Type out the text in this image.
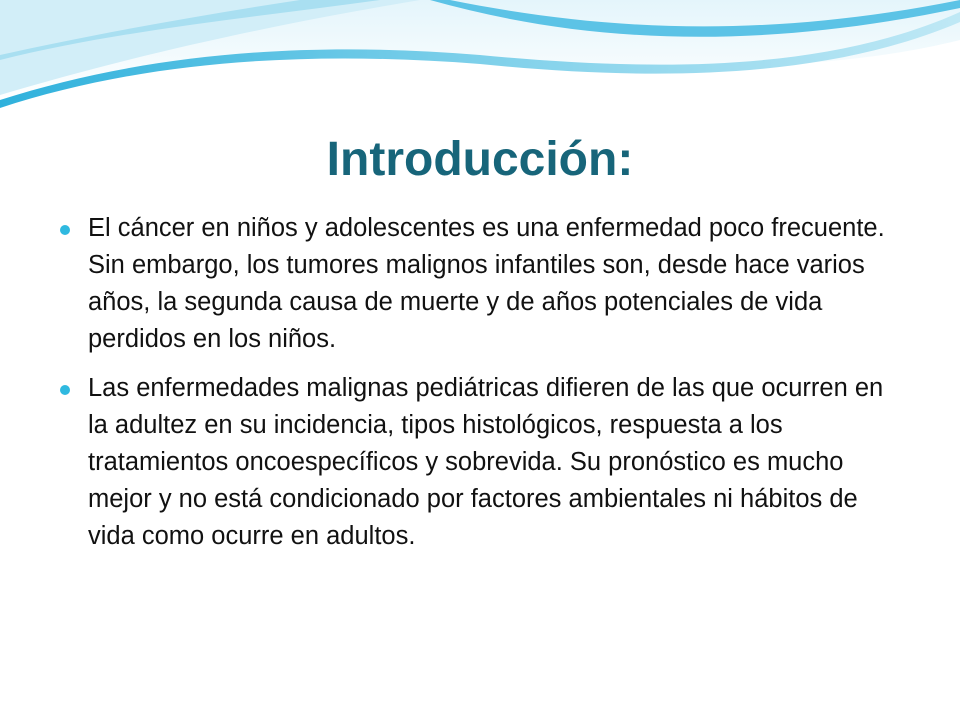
Introducción:
El cáncer en niños y adolescentes es una enfermedad poco frecuente. Sin embargo, los tumores malignos infantiles son, desde hace varios años, la segunda causa de muerte y de años potenciales de vida perdidos en los niños.
Las enfermedades malignas pediátricas difieren de las que ocurren en la adultez en su incidencia, tipos histológicos, respuesta a los tratamientos oncoespecíficos y sobrevida. Su pronóstico es mucho mejor y no está condicionado por factores ambientales ni hábitos de vida como ocurre en adultos.
